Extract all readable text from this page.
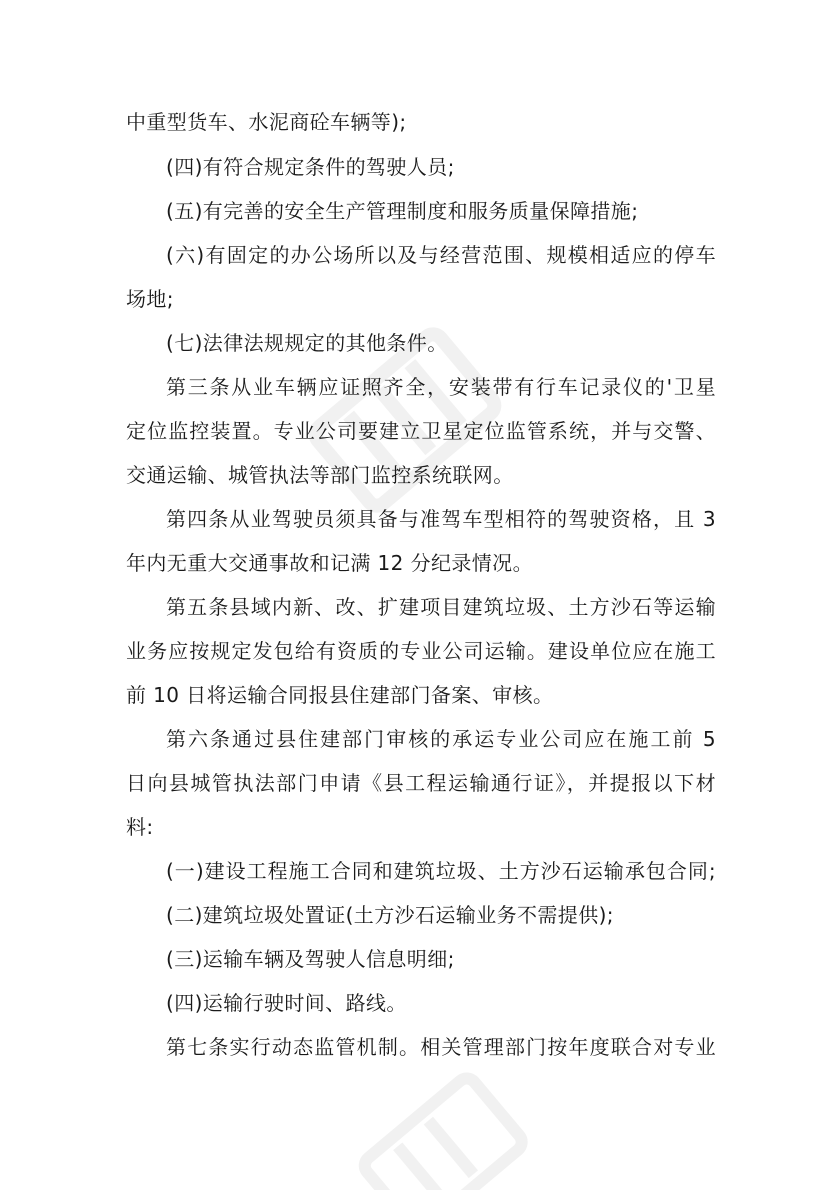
中重型货车、水泥商砼车辆等);
(四)有符合规定条件的驾驶人员;
(五)有完善的安全生产管理制度和服务质量保障措施;
(六)有固定的办公场所以及与经营范围、规模相适应的停车
场地;
(七)法律法规规定的其他条件。
第三条从业车辆应证照齐全，安装带有行车记录仪的'卫星
定位监控装置。专业公司要建立卫星定位监管系统，并与交警、
交通运输、城管执法等部门监控系统联网。
第四条从业驾驶员须具备与准驾车型相符的驾驶资格，且 3
年内无重大交通事故和记满 12 分纪录情况。
第五条县域内新、改、扩建项目建筑垃圾、土方沙石等运输
业务应按规定发包给有资质的专业公司运输。建设单位应在施工
前 10 日将运输合同报县住建部门备案、审核。
第六条通过县住建部门审核的承运专业公司应在施工前 5
日向县城管执法部门申请《县工程运输通行证》，并提报以下材
料:
(一)建设工程施工合同和建筑垃圾、土方沙石运输承包合同;
(二)建筑垃圾处置证(土方沙石运输业务不需提供);
(三)运输车辆及驾驶人信息明细;
(四)运输行驶时间、路线。
第七条实行动态监管机制。相关管理部门按年度联合对专业
